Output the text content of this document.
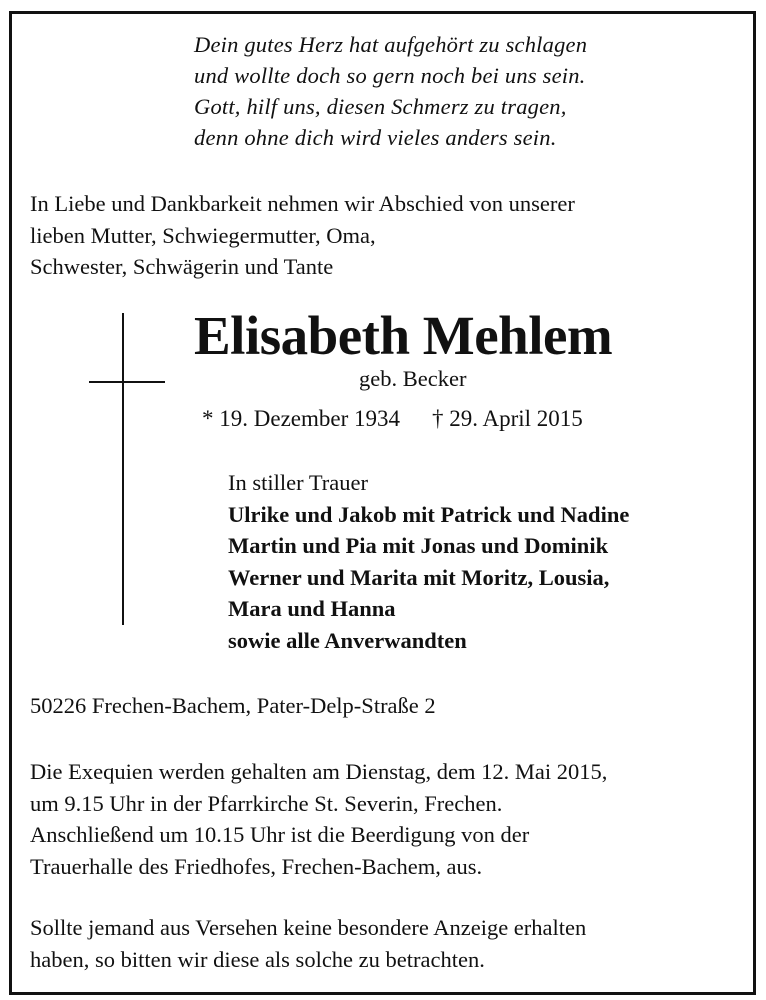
Dein gutes Herz hat aufgehört zu schlagen
und wollte doch so gern noch bei uns sein.
Gott, hilf uns, diesen Schmerz zu tragen,
denn ohne dich wird vieles anders sein.
In Liebe und Dankbarkeit nehmen wir Abschied von unserer
lieben Mutter, Schwiegermutter, Oma,
Schwester, Schwägerin und Tante
Elisabeth Mehlem
geb. Becker
* 19. Dezember 1934 † 29. April 2015
In stiller Trauer
Ulrike und Jakob mit Patrick und Nadine
Martin und Pia mit Jonas und Dominik
Werner und Marita mit Moritz, Lousia,
Mara und Hanna
sowie alle Anverwandten
50226 Frechen-Bachem, Pater-Delp-Straße 2
Die Exequien werden gehalten am Dienstag, dem 12. Mai 2015,
um 9.15 Uhr in der Pfarrkirche St. Severin, Frechen.
Anschließend um 10.15 Uhr ist die Beerdigung von der
Trauerhalle des Friedhofes, Frechen-Bachem, aus.
Sollte jemand aus Versehen keine besondere Anzeige erhalten
haben, so bitten wir diese als solche zu betrachten.
